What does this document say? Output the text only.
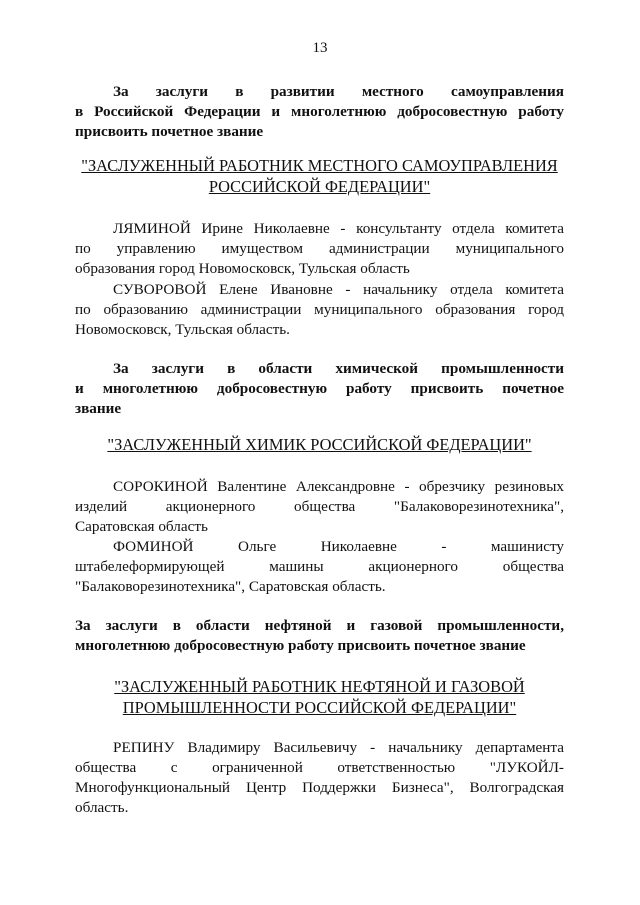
13

За заслуги в развитии местного самоуправления

в Российской Федерации и многолетнюю добросовестную работу

присвоить почетное звание

"ЗАСЛУЖЕННЫЙ РАБОТНИК МЕСТНОГО САМОУПРАВЛЕНИЯ

РОССИЙСКОЙ ФЕДЕРАЦИИ"

ЛЯМИНОЙ Ирине Николаевне - консультанту отдела комитета

по управлению имуществом администрации муниципального

образования город Новомосковск, Тульская область

СУВОРОВОЙ Елене Ивановне - начальнику отдела комитета

по образованию администрации муниципального образования город

Новомосковск, Тульская область.

За заслуги в области химической промышленности

и многолетнюю добросовестную работу присвоить почетное

звание

"ЗАСЛУЖЕННЫЙ ХИМИК РОССИЙСКОЙ ФЕДЕРАЦИИ"

СОРОКИНОЙ Валентине Александровне - обрезчику резиновых

изделий акционерного общества "Балаковорезинотехника",

Саратовская область

ФОМИНОЙ Ольге Николаевне - машинисту

штабелеформирующей машины акционерного общества

"Балаковорезинотехника", Саратовская область.

За заслуги в области нефтяной и газовой промышленности,

многолетнюю добросовестную работу присвоить почетное звание

"ЗАСЛУЖЕННЫЙ РАБОТНИК НЕФТЯНОЙ И ГАЗОВОЙ

ПРОМЫШЛЕННОСТИ РОССИЙСКОЙ ФЕДЕРАЦИИ"

РЕПИНУ Владимиру Васильевичу - начальнику департамента

общества с ограниченной ответственностью "ЛУКОЙЛ-

Многофункциональный Центр Поддержки Бизнеса", Волгоградская

область.
